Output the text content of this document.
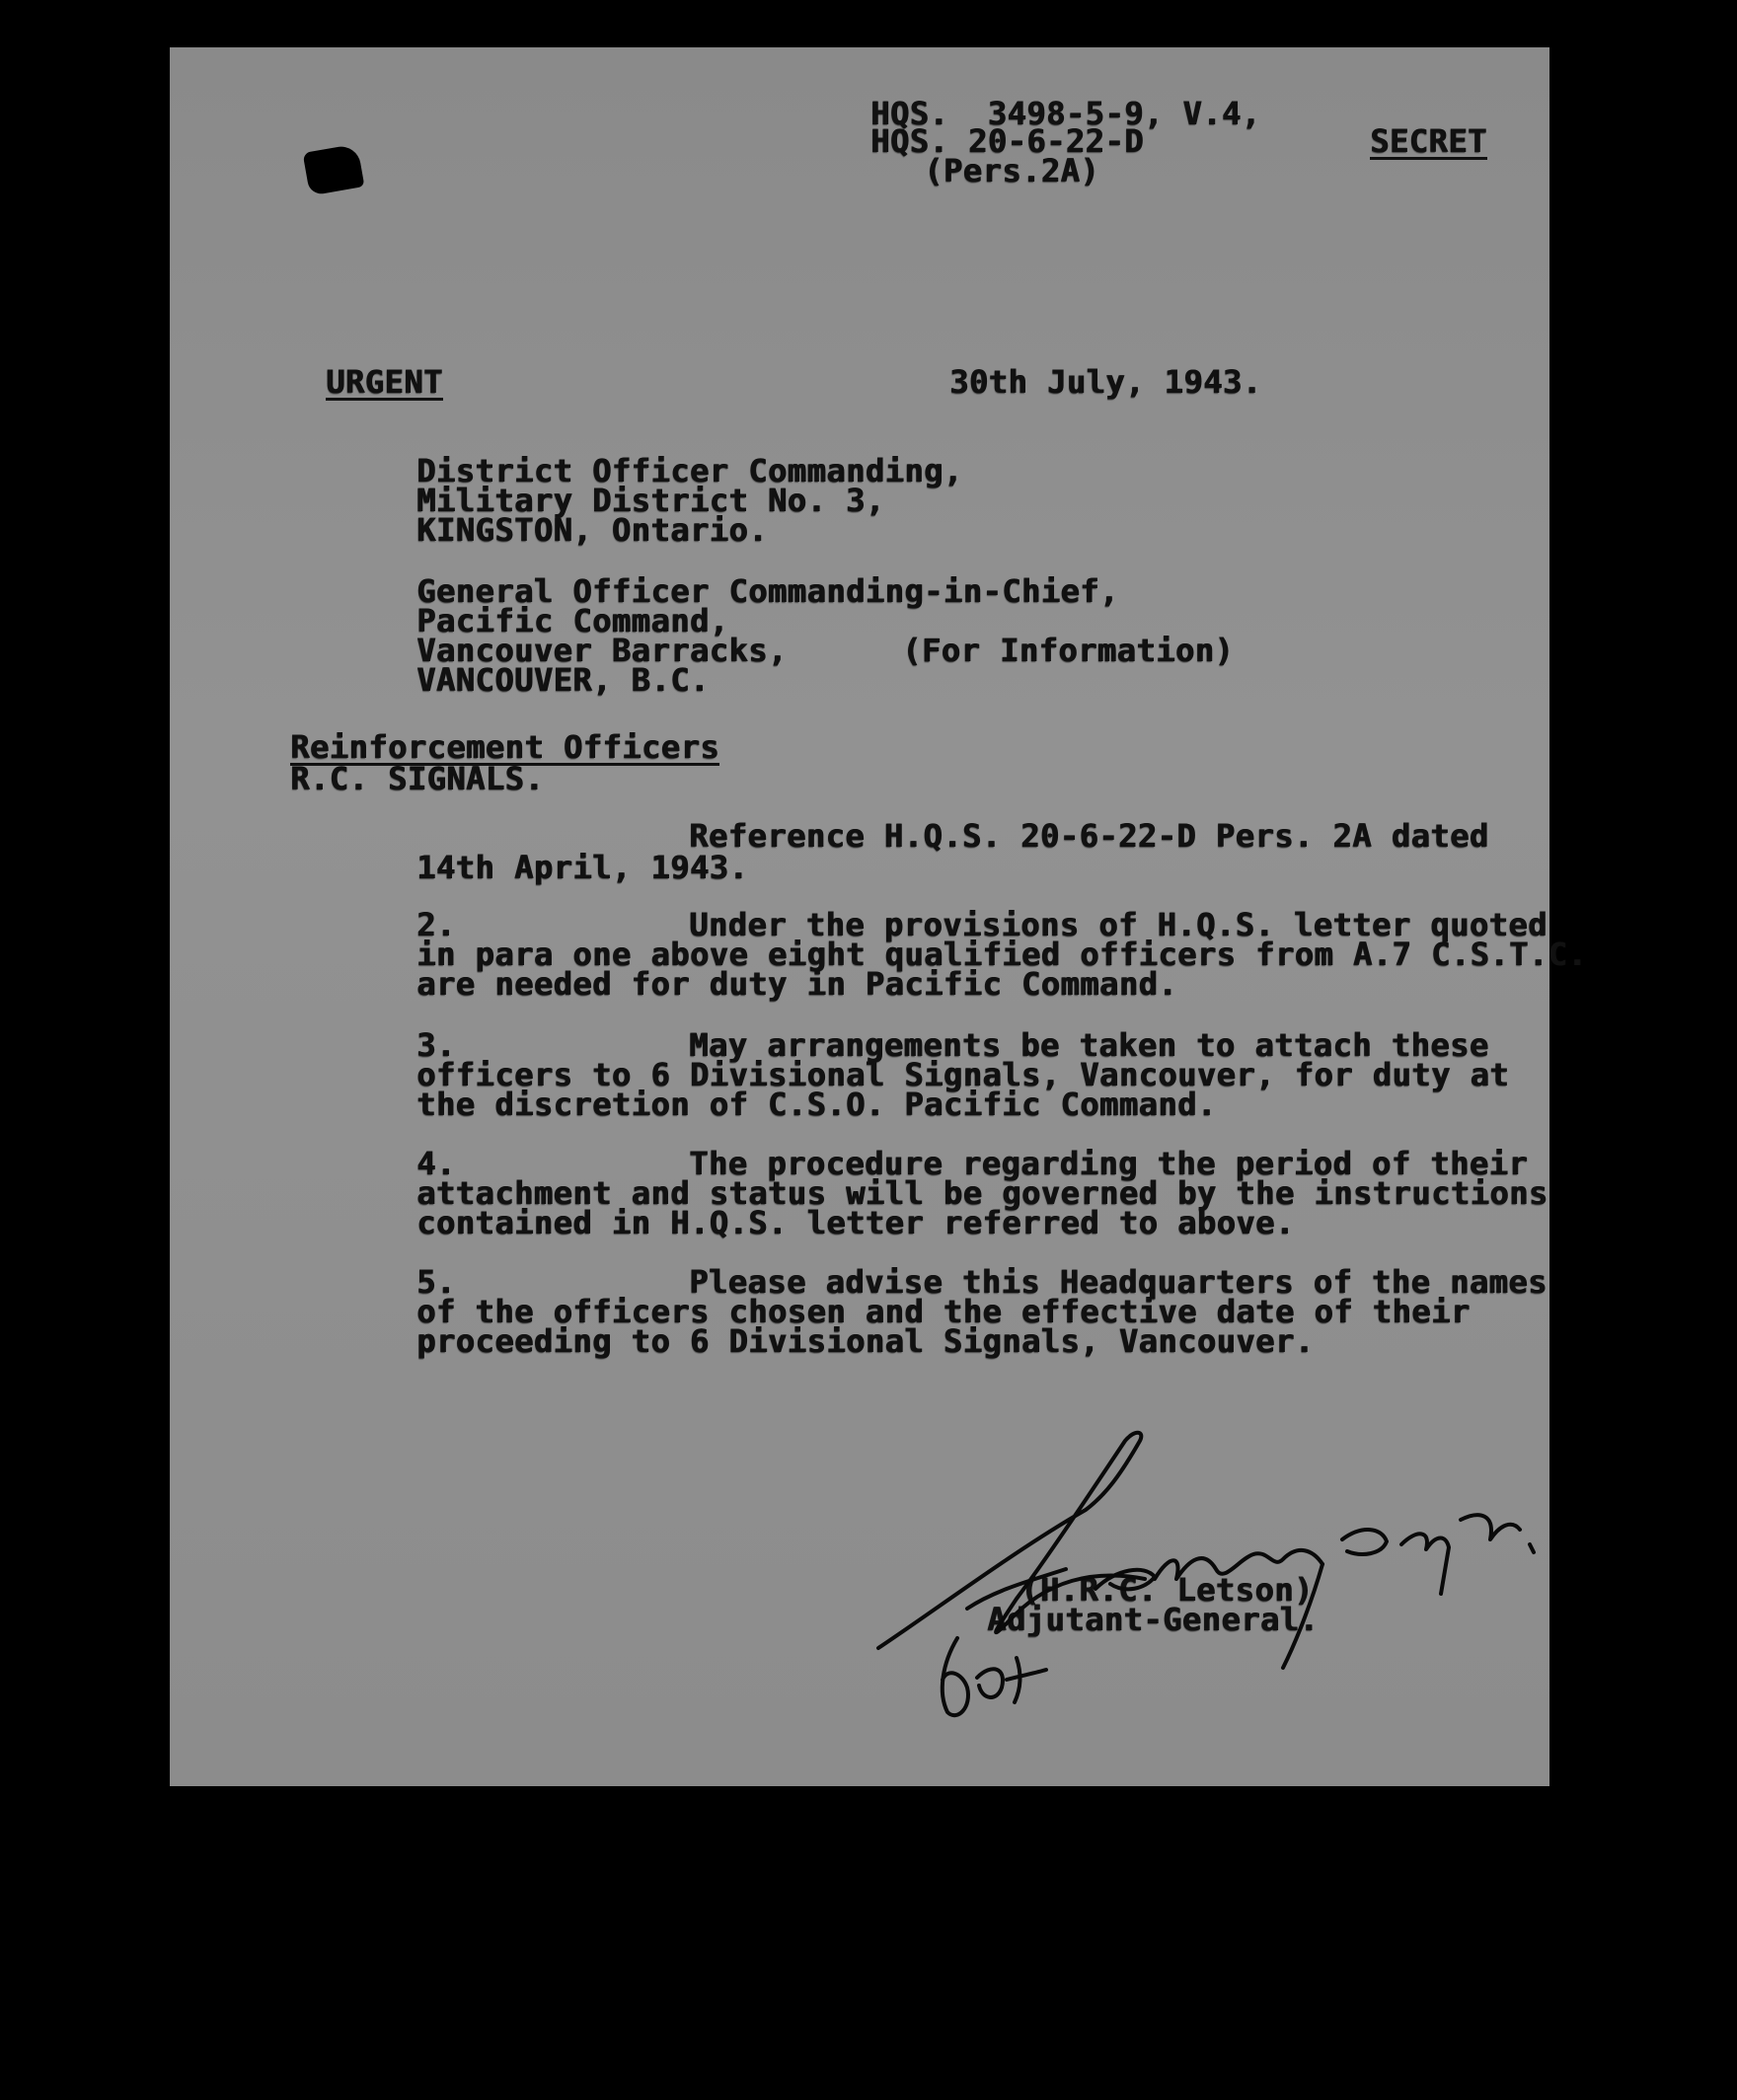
HQS.  3498-5-9, V.4,
HQS. 20-6-22-D
(Pers.2A)
SECRET
URGENT	30th July, 1943.
District Officer Commanding,
Military District No. 3,
KINGSTON, Ontario.
General Officer Commanding-in-Chief,
Pacific Command,
Vancouver Barracks,
VANCOUVER, B.C.
(For Information)
Reinforcement Officers
R.C. SIGNALS.
Reference H.Q.S. 20-6-22-D Pers. 2A dated
14th April, 1943.
2.	Under the provisions of H.Q.S. letter quoted
in para one above eight qualified officers from A.7 C.S.T.C.
are needed for duty in Pacific Command.
3.	May arrangements be taken to attach these
officers to 6 Divisional Signals, Vancouver, for duty at
the discretion of C.S.O. Pacific Command.
4.	The procedure regarding the period of their
attachment and status will be governed by the instructions
contained in H.Q.S. letter referred to above.
5.	Please advise this Headquarters of the names
of the officers chosen and the effective date of their
proceeding to 6 Divisional Signals, Vancouver.
(H.R.C. Letson)
Adjutant-General.
